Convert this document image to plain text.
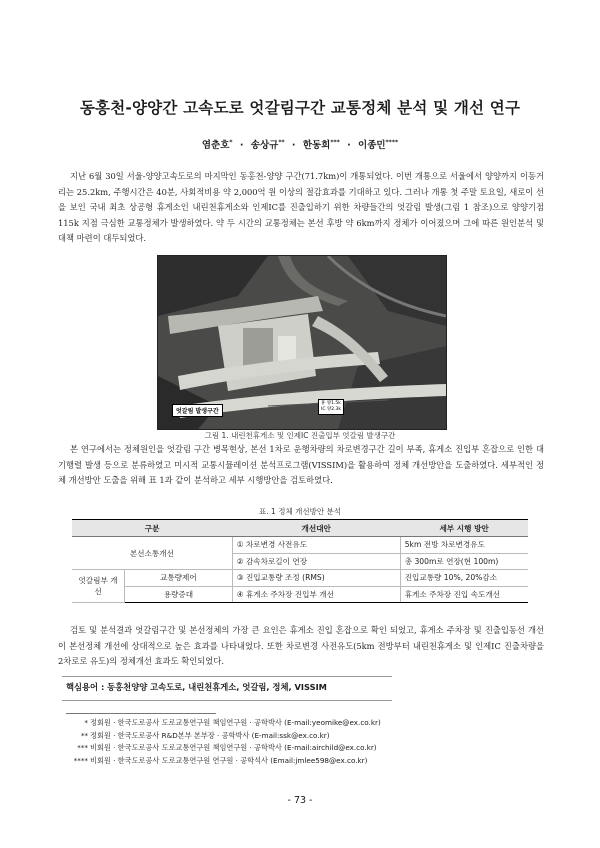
동홍천-양양간 고속도로 엇갈림구간 교통정체 분석 및 개선 연구
염춘호* · 송상규** · 한동희*** · 이종민****

지난 6월 30일 서울-양양고속도로의 마지막인 동홍천-양양 구간(71.7km)이 개통되었다. 이번 개통으로 서울에서 양양까지 이동거리는 25.2km, 주행시간은 40분, 사회적비용 약 2,000억 원 이상의 절감효과를 기대하고 있다. 그러나 개통 첫 주말 토요일, 새로이 선을 보인 국내 최초 상공형 휴게소인 내린천휴게소와 인제IC를 진출입하기 위한 차량들간의 엇갈림 발생(그림 1 참조)으로 양양기점 115k 지점 극심한 교통정체가 발생하였다. 약 두 시간의 교통정체는 본선 후방 약 6km까지 정체가 이어졌으며 그에 따른 원인분석 및 대책 마련이 대두되었다.

엇갈림 발생구간
휴 양1.5k
IC 양2.3k
그림 1. 내린천휴게소 및 인제IC 진출입부 엇갈림 발생구간

본 연구에서는 정체원인을 엇갈림 구간 병목현상, 본선 1차로 운행차량의 차로변경구간 길이 부족, 휴게소 진입부 혼잡으로 인한 대기행렬 발생 등으로 분류하였고 미시적 교통시뮬레이션 분석프로그램(VISSIM)을 활용하여 정체 개선방안을 도출하였다. 세부적인 정체 개선방안 도출을 위해 표 1과 같이 분석하고 세부 시행방안을 검토하였다.

표. 1 정체 개선방안 분석
구분		개선대안	세부 시행 방안
본선소통개선		① 차로변경 사전유도	5km 전방 차로변경유도
		② 감속차로길이 연장	총 300m로 연장(현 100m)
엇갈림부 개선	교통량제어	③ 진입교통량 조정 (RMS)	진입교통량 10%, 20%감소
	용량증대	④ 휴게소 주차장 진입부 개선	휴게소 주차장 진입 속도개선

검토 및 분석결과 엇갈림구간 및 본선정체의 가장 큰 요인은 휴게소 진입 혼잡으로 확인 되었고, 휴게소 주차장 및 진출입동선 개선이 본선정체 개선에 상대적으로 높은 효과를 나타내었다. 또한 차로변경 사전유도(5km 전방부터 내린천휴게소 및 인제IC 진출차량을 2차로로 유도)의 정체개선 효과도 확인되었다.

핵심용어 : 동홍천양양 고속도로, 내린천휴게소, 엇갈림, 정체, VISSIM
* 정회원 · 한국도로공사 도로교통연구원 책임연구원 · 공학박사 (E-mail:yeomike@ex.co.kr)
** 정회원 · 한국도로공사 R&D본부 본부장 · 공학박사 (E-mail:ssk@ex.co.kr)
*** 비회원 · 한국도로공사 도로교통연구원 책임연구원 · 공학박사 (E-mail:airchild@ex.co.kr)
**** 비회원 · 한국도로공사 도로교통연구원 연구원 · 공학석사 (Email:jmlee598@ex.co.kr)
- 73 -
